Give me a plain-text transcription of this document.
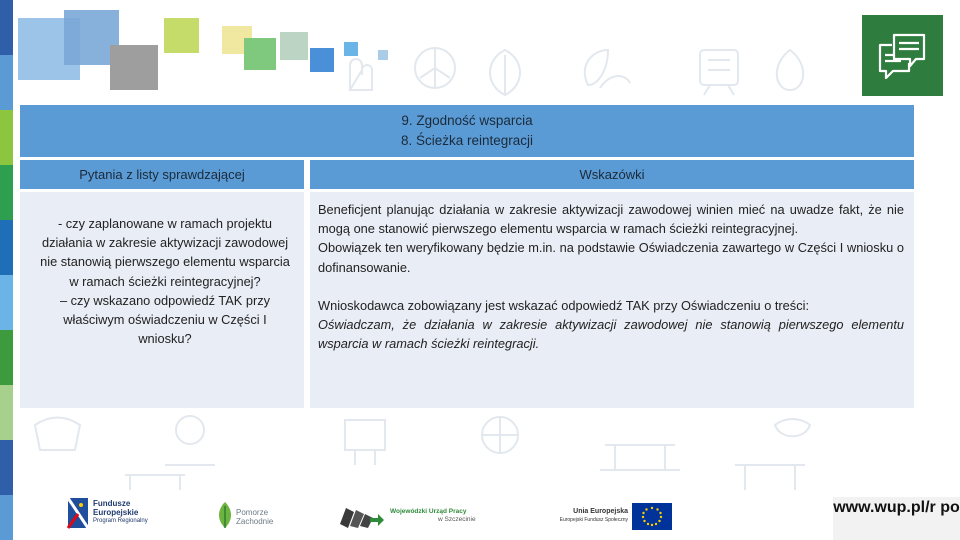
9. Zgodność wsparcia
8. Ścieżka reintegracji
Pytania z listy sprawdzającej	Wskazówki
- czy zaplanowane w ramach projektu działania w zakresie aktywizacji zawodowej nie stanowią pierwszego elementu wsparcia w ramach ścieżki reintegracyjnej?
– czy wskazano odpowiedź TAK przy właściwym oświadczeniu w Części I wniosku?

Beneficjent planując działania w zakresie aktywizacji zawodowej winien mieć na uwadze fakt, że nie mogą one stanowić pierwszego elementu wsparcia w ramach ścieżki reintegracyjnej.

Obowiązek ten weryfikowany będzie m.in. na podstawie Oświadczenia zawartego w Części I wniosku o dofinansowanie.

Wnioskodawca zobowiązany jest wskazać odpowiedź TAK przy Oświadczeniu o treści:

Oświadczam, że działania w zakresie aktywizacji zawodowej nie stanowią pierwszego elementu wsparcia w ramach ścieżki reintegracji.

Fundusze
Europejskie
Program Regionalny
Pomorze
Zachodnie
Wojewódzki Urząd Pracy
w Szczecinie
Unia Europejska
Europejski Fundusz Społeczny
www.wup.pl/r po
